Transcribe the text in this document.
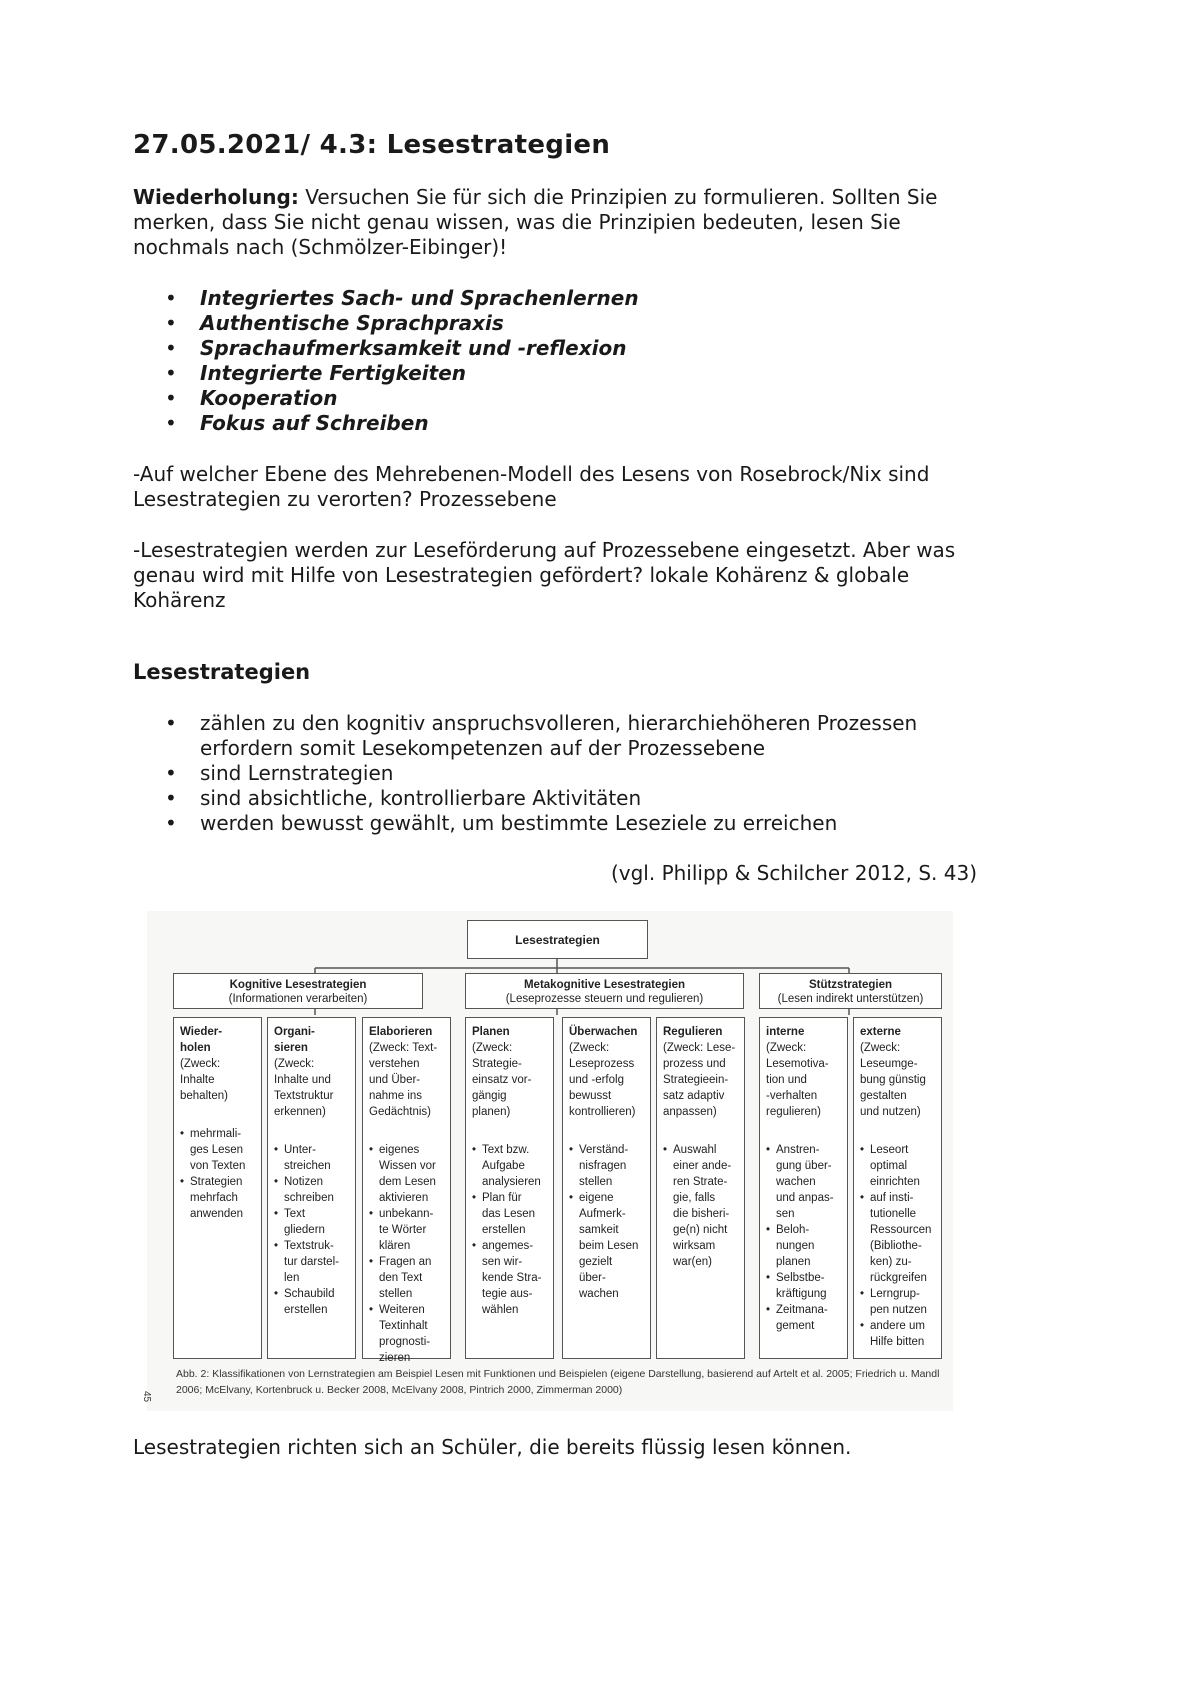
27.05.2021/ 4.3: Lesestrategien
Wiederholung: Versuchen Sie für sich die Prinzipien zu formulieren. Sollten Sie merken, dass Sie nicht genau wissen, was die Prinzipien bedeuten, lesen Sie nochmals nach (Schmölzer-Eibinger)!
• Integriertes Sach- und Sprachenlernen
• Authentische Sprachpraxis
• Sprachaufmerksamkeit und -reflexion
• Integrierte Fertigkeiten
• Kooperation
• Fokus auf Schreiben
-Auf welcher Ebene des Mehrebenen-Modell des Lesens von Rosebrock/Nix sind Lesestrategien zu verorten? Prozessebene
-Lesestrategien werden zur Leseförderung auf Prozessebene eingesetzt. Aber was genau wird mit Hilfe von Lesestrategien gefördert? lokale Kohärenz & globale Kohärenz
Lesestrategien
• zählen zu den kognitiv anspruchsvolleren, hierarchiehöheren Prozessen
erfordern somit Lesekompetenzen auf der Prozessebene
• sind Lernstrategien
• sind absichtliche, kontrollierbare Aktivitäten
• werden bewusst gewählt, um bestimmte Leseziele zu erreichen
(vgl. Philipp & Schilcher 2012, S. 43)
Lesestrategien
Kognitive Lesestrategien
(Informationen verarbeiten)
Metakognitive Lesestrategien
(Leseprozesse steuern und regulieren)
Stützstrategien
(Lesen indirekt unterstützen)
Wieder-
holen
(Zweck:
Inhalte
behalten)
• mehrmali-
ges Lesen
von Texten
• Strategien
mehrfach
anwenden
Organi-
sieren
(Zweck:
Inhalte und
Textstruktur
erkennen)
• Unter-
streichen
• Notizen
schreiben
• Text
gliedern
• Textstruk-
tur darstel-
len
• Schaubild
erstellen
Elaborieren
(Zweck: Text-
verstehen
und Über-
nahme ins
Gedächtnis)
• eigenes
Wissen vor
dem Lesen
aktivieren
• unbekann-
te Wörter
klären
• Fragen an
den Text
stellen
• Weiteren
Textinhalt
prognosti-
zieren
Planen
(Zweck:
Strategie-
einsatz vor-
gängig
planen)
• Text bzw.
Aufgabe
analysieren
• Plan für
das Lesen
erstellen
• angemes-
sen wir-
kende Stra-
tegie aus-
wählen
Überwachen
(Zweck:
Leseprozess
und -erfolg
bewusst
kontrollieren)
• Verständ-
nisfragen
stellen
• eigene
Aufmerk-
samkeit
beim Lesen
gezielt
über-
wachen
Regulieren
(Zweck: Lese-
prozess und
Strategieein-
satz adaptiv
anpassen)
• Auswahl
einer ande-
ren Strate-
gie, falls
die bisheri-
ge(n) nicht
wirksam
war(en)
interne
(Zweck:
Lesemotiva-
tion und
-verhalten
regulieren)
• Anstren-
gung über-
wachen
und anpas-
sen
• Beloh-
nungen
planen
• Selbstbe-
kräftigung
• Zeitmana-
gement
externe
(Zweck:
Leseumge-
bung günstig
gestalten
und nutzen)
• Leseort
optimal
einrichten
• auf insti-
tutionelle
Ressourcen
(Bibliothe-
ken) zu-
rückgreifen
• Lerngrup-
pen nutzen
• andere um
Hilfe bitten
Abb. 2: Klassifikationen von Lernstrategien am Beispiel Lesen mit Funktionen und Beispielen (eigene Darstellung, basierend auf Artelt et al. 2005; Friedrich u. Mandl 2006; McElvany, Kortenbruck u. Becker 2008, McElvany 2008, Pintrich 2000, Zimmerman 2000)
45
Lesestrategien richten sich an Schüler, die bereits flüssig lesen können.
